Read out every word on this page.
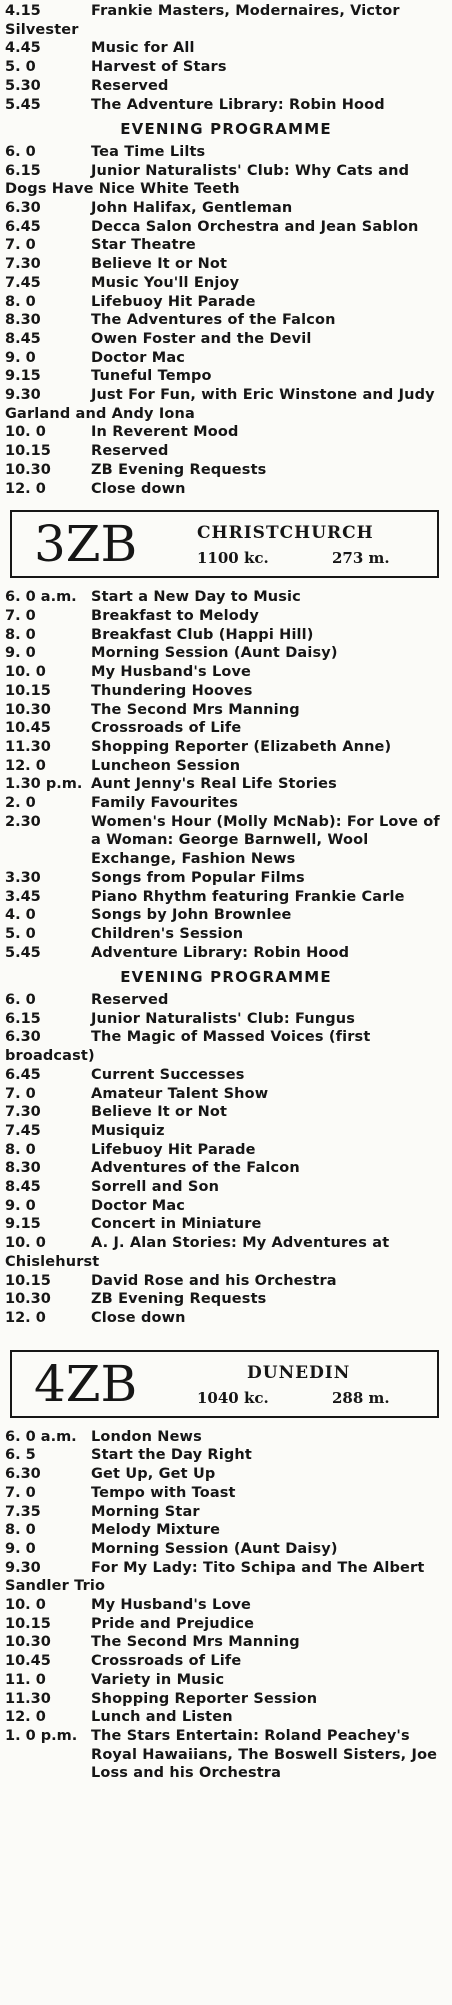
4.15	Frankie Masters, Modernaires, Victor Silvester
4.45	Music for All
5. 0	Harvest of Stars
5.30	Reserved
5.45	The Adventure Library: Robin Hood
EVENING PROGRAMME
6. 0	Tea Time Lilts
6.15	Junior Naturalists' Club: Why Cats and Dogs Have Nice White Teeth
6.30	John Halifax, Gentleman
6.45	Decca Salon Orchestra and Jean Sablon
7. 0	Star Theatre
7.30	Believe It or Not
7.45	Music You'll Enjoy
8. 0	Lifebuoy Hit Parade
8.30	The Adventures of the Falcon
8.45	Owen Foster and the Devil
9. 0	Doctor Mac
9.15	Tuneful Tempo
9.30	Just For Fun, with Eric Winstone and Judy Garland and Andy Iona
10. 0	In Reverent Mood
10.15	Reserved
10.30	ZB Evening Requests
12. 0	Close down
3ZB	CHRISTCHURCH
1100 kc.	273 m.
6. 0 a.m. Start a New Day to Music
7. 0	Breakfast to Melody
8. 0	Breakfast Club (Happi Hill)
9. 0	Morning Session (Aunt Daisy)
10. 0	My Husband's Love
10.15	Thundering Hooves
10.30	The Second Mrs Manning
10.45	Crossroads of Life
11.30	Shopping Reporter (Elizabeth Anne)
12. 0	Luncheon Session
1.30 p.m. Aunt Jenny's Real Life Stories
2. 0	Family Favourites
2.30	Women's Hour (Molly McNab): For Love of a Woman: George Barnwell, Wool Exchange, Fashion News
3.30	Songs from Popular Films
3.45	Piano Rhythm featuring Frankie Carle
4. 0	Songs by John Brownlee
5. 0	Children's Session
5.45	Adventure Library: Robin Hood
EVENING PROGRAMME
6. 0	Reserved
6.15	Junior Naturalists' Club: Fungus
6.30	The Magic of Massed Voices (first broadcast)
6.45	Current Successes
7. 0	Amateur Talent Show
7.30	Believe It or Not
7.45	Musiquiz
8. 0	Lifebuoy Hit Parade
8.30	Adventures of the Falcon
8.45	Sorrell and Son
9. 0	Doctor Mac
9.15	Concert in Miniature
10. 0	A. J. Alan Stories: My Adventures at Chislehurst
10.15	David Rose and his Orchestra
10.30	ZB Evening Requests
12. 0	Close down
4ZB	DUNEDIN
1040 kc.	288 m.
6. 0 a.m. London News
6. 5	Start the Day Right
6.30	Get Up, Get Up
7. 0	Tempo with Toast
7.35	Morning Star
8. 0	Melody Mixture
9. 0	Morning Session (Aunt Daisy)
9.30	For My Lady: Tito Schipa and The Albert Sandler Trio
10. 0	My Husband's Love
10.15	Pride and Prejudice
10.30	The Second Mrs Manning
10.45	Crossroads of Life
11. 0	Variety in Music
11.30	Shopping Reporter Session
12. 0	Lunch and Listen
1. 0 p.m. The Stars Entertain: Roland Peachey's Royal Hawaiians, The Boswell Sisters, Joe Loss and his Orchestra
